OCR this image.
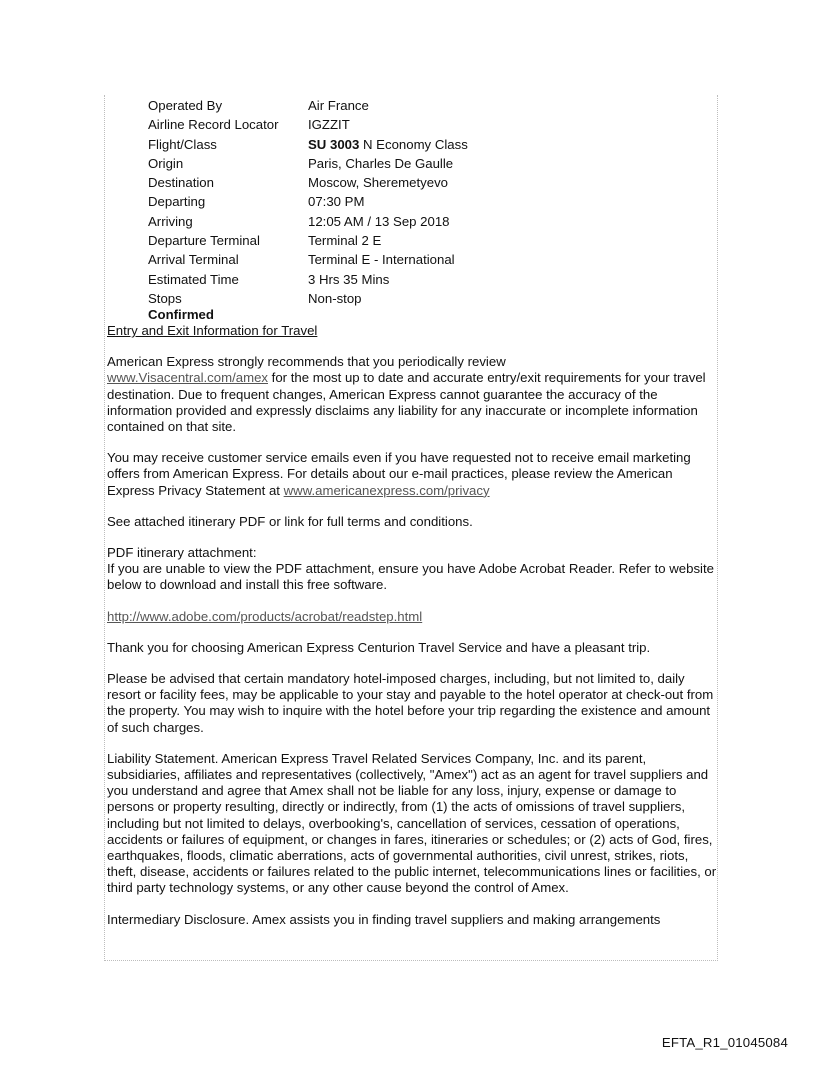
Operated By	Air France
Airline Record Locator	IGZZIT
Flight/Class	SU 3003 N Economy Class
Origin	Paris, Charles De Gaulle
Destination	Moscow, Sheremetyevo
Departing	07:30 PM
Arriving	12:05 AM / 13 Sep 2018
Departure Terminal	Terminal 2 E
Arrival Terminal	Terminal E - International
Estimated Time	3 Hrs 35 Mins
Stops	Non-stop
Confirmed

Entry and Exit Information for Travel

American Express strongly recommends that you periodically review
www.Visacentral.com/amex for the most up to date and accurate entry/exit requirements for your travel destination. Due to frequent changes, American Express cannot guarantee the accuracy of the information provided and expressly disclaims any liability for any inaccurate or incomplete information contained on that site.

You may receive customer service emails even if you have requested not to receive email marketing offers from American Express. For details about our e-mail practices, please review the American Express Privacy Statement at www.americanexpress.com/privacy

See attached itinerary PDF or link for full terms and conditions.

PDF itinerary attachment:
If you are unable to view the PDF attachment, ensure you have Adobe Acrobat Reader. Refer to website below to download and install this free software.

http://www.adobe.com/products/acrobat/readstep.html

Thank you for choosing American Express Centurion Travel Service and have a pleasant trip.

Please be advised that certain mandatory hotel-imposed charges, including, but not limited to, daily resort or facility fees, may be applicable to your stay and payable to the hotel operator at check-out from the property. You may wish to inquire with the hotel before your trip regarding the existence and amount of such charges.

Liability Statement. American Express Travel Related Services Company, Inc. and its parent, subsidiaries, affiliates and representatives (collectively, "Amex") act as an agent for travel suppliers and you understand and agree that Amex shall not be liable for any loss, injury, expense or damage to persons or property resulting, directly or indirectly, from (1) the acts of omissions of travel suppliers, including but not limited to delays, overbooking's, cancellation of services, cessation of operations, accidents or failures of equipment, or changes in fares, itineraries or schedules; or (2) acts of God, fires, earthquakes, floods, climatic aberrations, acts of governmental authorities, civil unrest, strikes, riots, theft, disease, accidents or failures related to the public internet, telecommunications lines or facilities, or third party technology systems, or any other cause beyond the control of Amex.

Intermediary Disclosure. Amex assists you in finding travel suppliers and making arrangements

EFTA_R1_01045084
